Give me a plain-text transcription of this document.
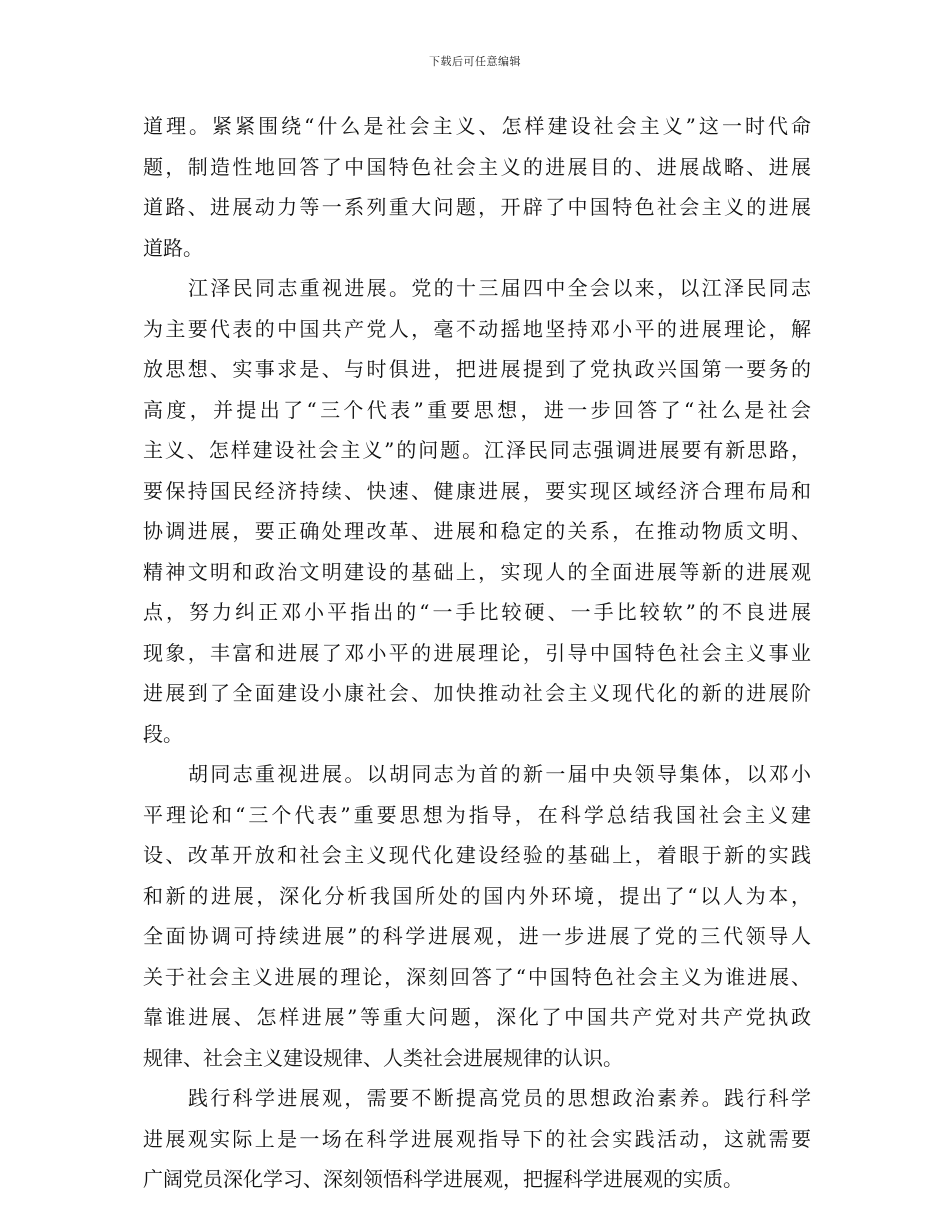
下载后可任意编辑
道理。紧紧围绕“什么是社会主义、怎样建设社会主义”这一时代命
题，制造性地回答了中国特色社会主义的进展目的、进展战略、进展
道路、进展动力等一系列重大问题，开辟了中国特色社会主义的进展
道路。
江泽民同志重视进展。党的十三届四中全会以来，以江泽民同志
为主要代表的中国共产党人，毫不动摇地坚持邓小平的进展理论，解
放思想、实事求是、与时俱进，把进展提到了党执政兴国第一要务的
高度，并提出了“三个代表”重要思想，进一步回答了“社么是社会
主义、怎样建设社会主义”的问题。江泽民同志强调进展要有新思路，
要保持国民经济持续、快速、健康进展，要实现区域经济合理布局和
协调进展，要正确处理改革、进展和稳定的关系，在推动物质文明、
精神文明和政治文明建设的基础上，实现人的全面进展等新的进展观
点，努力纠正邓小平指出的“一手比较硬、一手比较软”的不良进展
现象，丰富和进展了邓小平的进展理论，引导中国特色社会主义事业
进展到了全面建设小康社会、加快推动社会主义现代化的新的进展阶
段。
胡同志重视进展。以胡同志为首的新一届中央领导集体，以邓小
平理论和“三个代表”重要思想为指导，在科学总结我国社会主义建
设、改革开放和社会主义现代化建设经验的基础上，着眼于新的实践
和新的进展，深化分析我国所处的国内外环境，提出了“以人为本，
全面协调可持续进展”的科学进展观，进一步进展了党的三代领导人
关于社会主义进展的理论，深刻回答了“中国特色社会主义为谁进展、
靠谁进展、怎样进展”等重大问题，深化了中国共产党对共产党执政
规律、社会主义建设规律、人类社会进展规律的认识。
践行科学进展观，需要不断提高党员的思想政治素养。践行科学
进展观实际上是一场在科学进展观指导下的社会实践活动，这就需要
广阔党员深化学习、深刻领悟科学进展观，把握科学进展观的实质。
